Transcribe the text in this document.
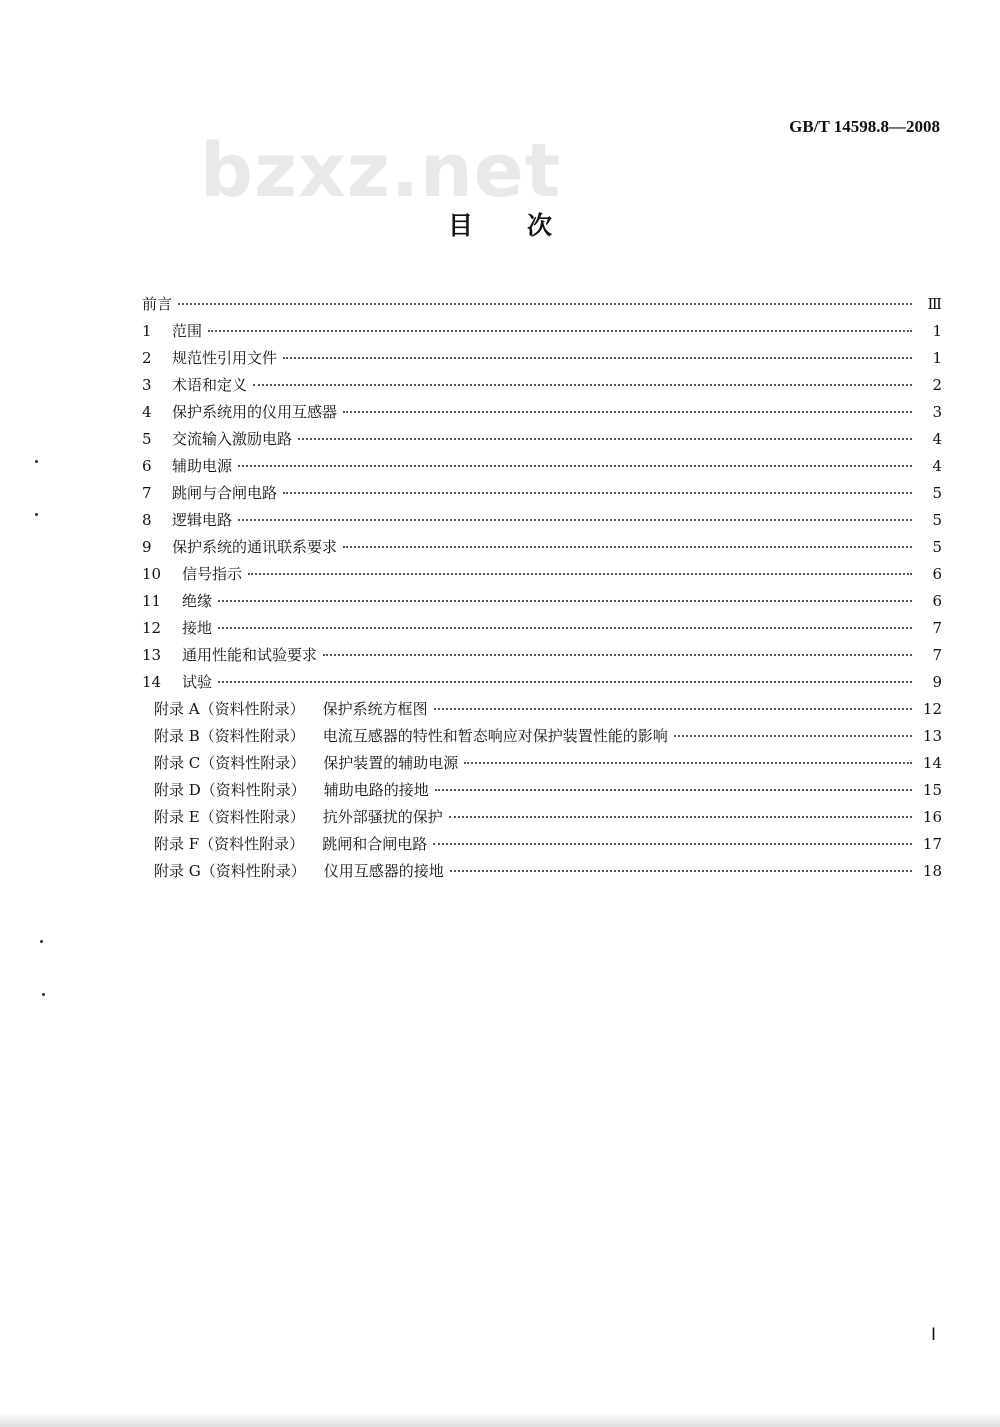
GB/T 14598.8—2008
bzxz.net
目次
前言	Ⅲ
1	范围	1
2	规范性引用文件	1
3	术语和定义	2
4	保护系统用的仪用互感器	3
5	交流输入激励电路	4
6	辅助电源	4
7	跳闸与合闸电路	5
8	逻辑电路	5
9	保护系统的通讯联系要求	5
10	信号指示	6
11	绝缘	6
12	接地	7
13	通用性能和试验要求	7
14	试验	9
附录 A（资料性附录） 保护系统方框图	12
附录 B（资料性附录） 电流互感器的特性和暂态响应对保护装置性能的影响	13
附录 C（资料性附录） 保护装置的辅助电源	14
附录 D（资料性附录） 辅助电路的接地	15
附录 E（资料性附录） 抗外部骚扰的保护	16
附录 F（资料性附录） 跳闸和合闸电路	17
附录 G（资料性附录） 仪用互感器的接地	18
Ⅰ
